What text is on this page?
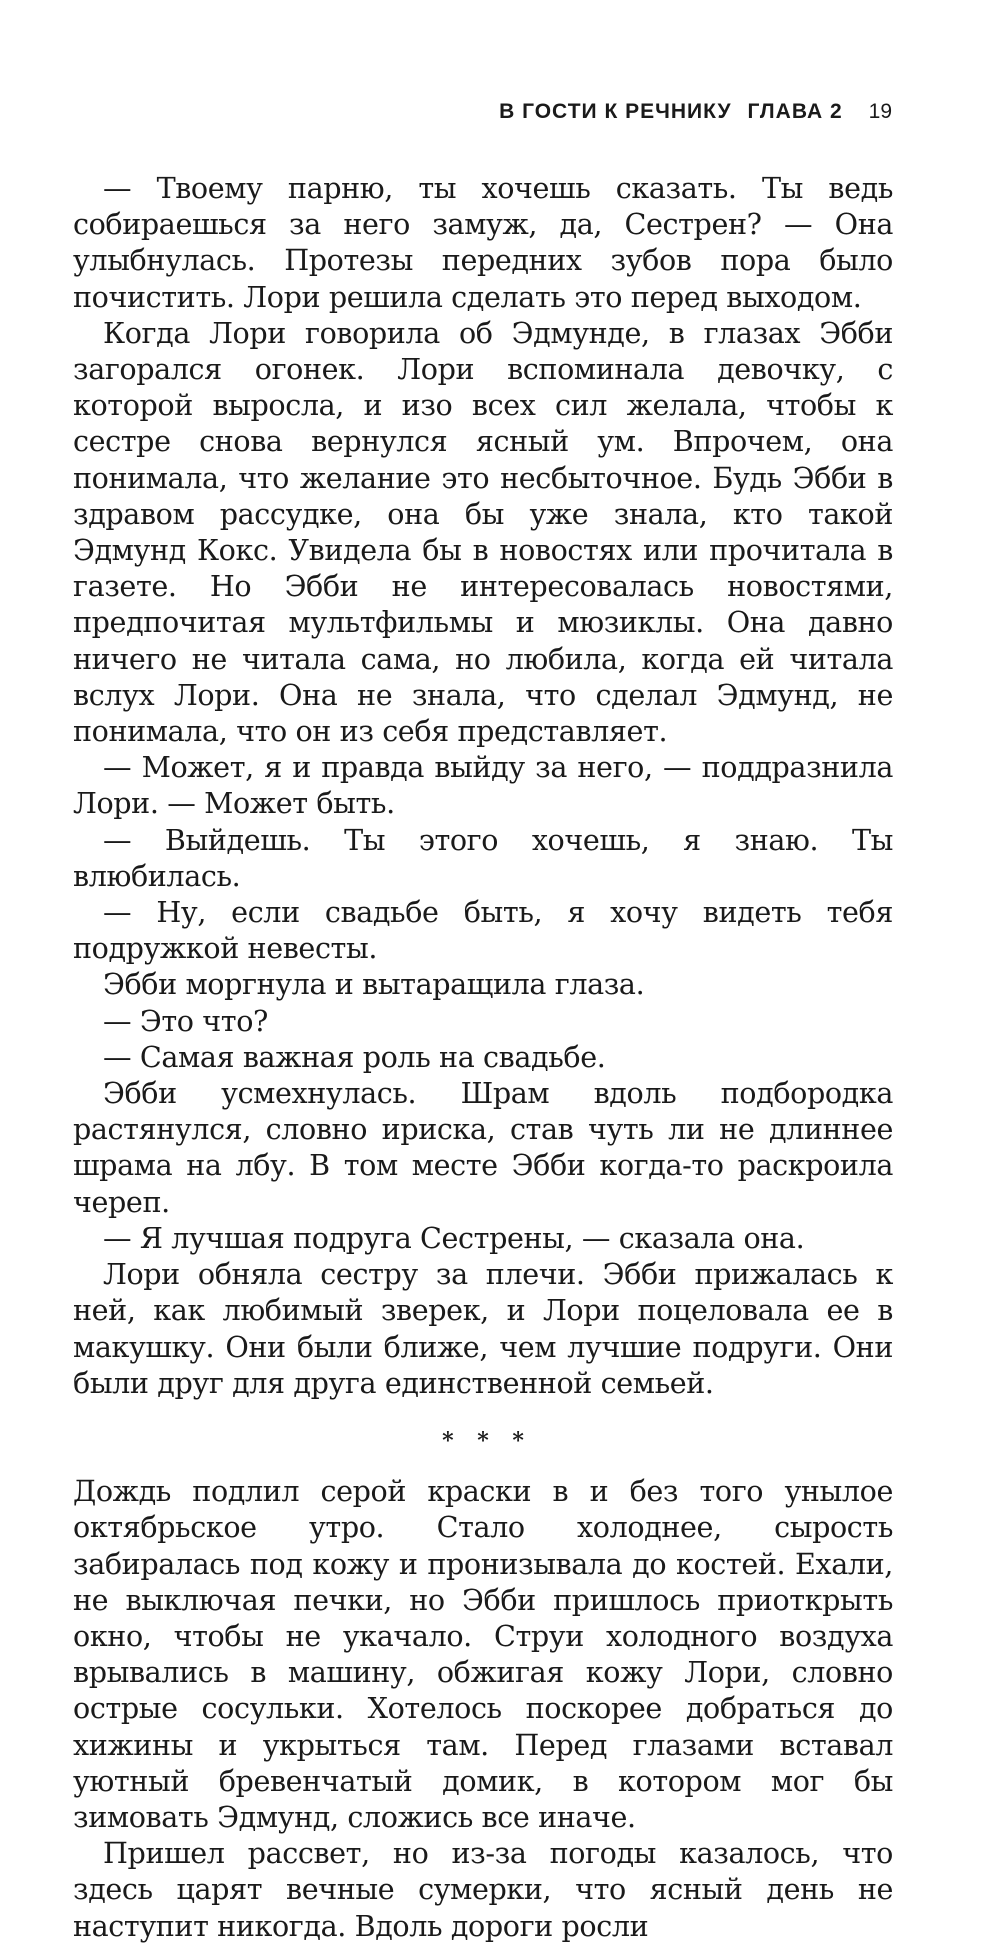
В ГОСТИ К РЕЧНИКУ ГЛАВА 2 19

— Твоему парню, ты хочешь сказать. Ты ведь собираешься за него замуж, да, Сестрен? — Она улыбнулась. Протезы передних зубов пора было почистить. Лори решила сделать это перед выходом.

Когда Лори говорила об Эдмунде, в глазах Эбби загорался огонек. Лори вспоминала девочку, с которой выросла, и изо всех сил желала, чтобы к сестре снова вернулся ясный ум. Впрочем, она понимала, что желание это несбыточное. Будь Эбби в здравом рассудке, она бы уже знала, кто такой Эдмунд Кокс. Увидела бы в новостях или прочитала в газете. Но Эбби не интересовалась новостями, предпочитая мультфильмы и мюзиклы. Она давно ничего не читала сама, но любила, когда ей читала вслух Лори. Она не знала, что сделал Эдмунд, не понимала, что он из себя представляет.

— Может, я и правда выйду за него, — поддразнила Лори. — Может быть.

— Выйдешь. Ты этого хочешь, я знаю. Ты влюбилась.

— Ну, если свадьбе быть, я хочу видеть тебя подружкой невесты.

Эбби моргнула и вытаращила глаза.

— Это что?

— Самая важная роль на свадьбе.

Эбби усмехнулась. Шрам вдоль подбородка растянулся, словно ириска, став чуть ли не длиннее шрама на лбу. В том месте Эбби когда-то раскроила череп.

— Я лучшая подруга Сестрены, — сказала она.

Лори обняла сестру за плечи. Эбби прижалась к ней, как любимый зверек, и Лори поцеловала ее в макушку. Они были ближе, чем лучшие подруги. Они были друг для друга единственной семьей.

* * *

Дождь подлил серой краски в и без того унылое октябрьское утро. Стало холоднее, сырость забиралась под кожу и пронизывала до костей. Ехали, не выключая печки, но Эбби пришлось приоткрыть окно, чтобы не укачало. Струи холодного воздуха врывались в машину, обжигая кожу Лори, словно острые сосульки. Хотелось поскорее добраться до хижины и укрыться там. Перед глазами вставал уютный бревенчатый домик, в котором мог бы зимовать Эдмунд, сложись все иначе.

Пришел рассвет, но из-за погоды казалось, что здесь царят вечные сумерки, что ясный день не наступит никогда. Вдоль дороги росли
